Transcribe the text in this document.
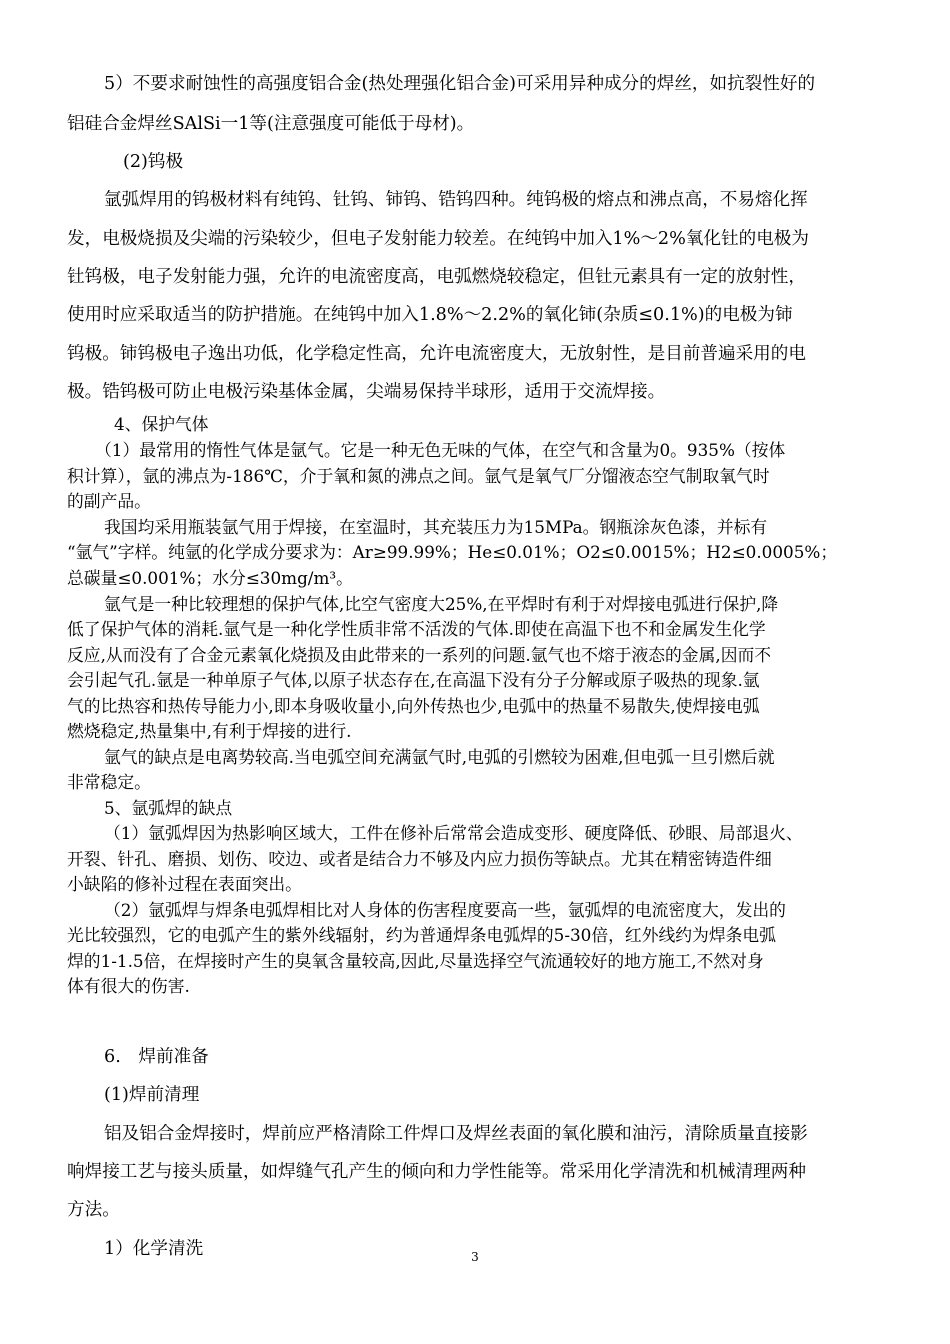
5）不要求耐蚀性的高强度铝合金(热处理强化铝合金)可采用异种成分的焊丝，如抗裂性好的
铝硅合金焊丝SAlSi一1等(注意强度可能低于母材)。
(2)钨极
氩弧焊用的钨极材料有纯钨、钍钨、铈钨、锆钨四种。纯钨极的熔点和沸点高，不易熔化挥
发，电极烧损及尖端的污染较少，但电子发射能力较差。在纯钨中加入1%～2%氧化钍的电极为
钍钨极，电子发射能力强，允许的电流密度高，电弧燃烧较稳定，但钍元素具有一定的放射性，
使用时应采取适当的防护措施。在纯钨中加入1.8%～2.2%的氧化铈(杂质≤0.1%)的电极为铈
钨极。铈钨极电子逸出功低，化学稳定性高，允许电流密度大，无放射性，是目前普遍采用的电
极。锆钨极可防止电极污染基体金属，尖端易保持半球形，适用于交流焊接。
4、保护气体
（1）最常用的惰性气体是氩气。它是一种无色无味的气体，在空气和含量为0。935%（按体
积计算），氩的沸点为-186℃，介于氧和氮的沸点之间。氩气是氧气厂分馏液态空气制取氧气时
的副产品。
我国均采用瓶装氩气用于焊接，在室温时，其充装压力为15MPa。钢瓶涂灰色漆，并标有
“氩气”字样。纯氩的化学成分要求为：Ar≥99.99%；He≤0.01%；O2≤0.0015%；H2≤0.0005%；
总碳量≤0.001%；水分≤30mg/m³。
氩气是一种比较理想的保护气体,比空气密度大25%,在平焊时有利于对焊接电弧进行保护,降
低了保护气体的消耗.氩气是一种化学性质非常不活泼的气体.即使在高温下也不和金属发生化学
反应,从而没有了合金元素氧化烧损及由此带来的一系列的问题.氩气也不熔于液态的金属,因而不
会引起气孔.氩是一种单原子气体,以原子状态存在,在高温下没有分子分解或原子吸热的现象.氩
气的比热容和热传导能力小,即本身吸收量小,向外传热也少,电弧中的热量不易散失,使焊接电弧
燃烧稳定,热量集中,有利于焊接的进行.
氩气的缺点是电离势较高.当电弧空间充满氩气时,电弧的引燃较为困难,但电弧一旦引燃后就
非常稳定。
5、氩弧焊的缺点
（1）氩弧焊因为热影响区域大，工件在修补后常常会造成变形、硬度降低、砂眼、局部退火、
开裂、针孔、磨损、划伤、咬边、或者是结合力不够及内应力损伤等缺点。尤其在精密铸造件细
小缺陷的修补过程在表面突出。
（2）氩弧焊与焊条电弧焊相比对人身体的伤害程度要高一些，氩弧焊的电流密度大，发出的
光比较强烈，它的电弧产生的紫外线辐射，约为普通焊条电弧焊的5-30倍，红外线约为焊条电弧
焊的1-1.5倍，在焊接时产生的臭氧含量较高,因此,尽量选择空气流通较好的地方施工,不然对身
体有很大的伤害.
6.　焊前准备
(1)焊前清理
铝及铝合金焊接时，焊前应严格清除工件焊口及焊丝表面的氧化膜和油污，清除质量直接影
响焊接工艺与接头质量，如焊缝气孔产生的倾向和力学性能等。常采用化学清洗和机械清理两种
方法。
1）化学清洗	3
